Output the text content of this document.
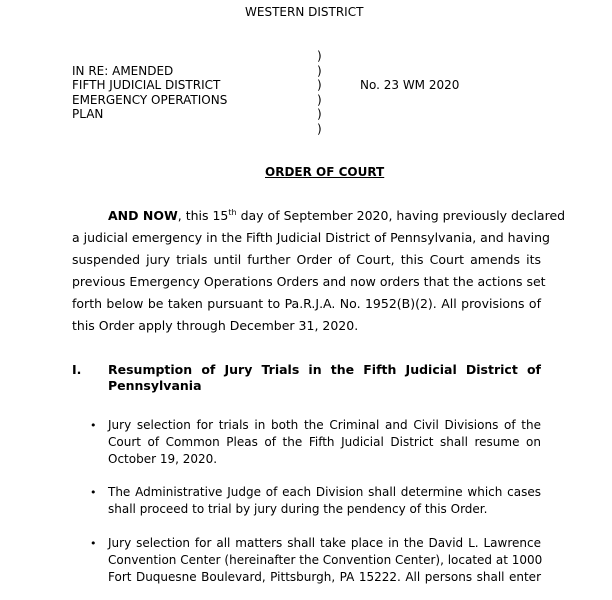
WESTERN DISTRICT
IN RE: AMENDED
FIFTH JUDICIAL DISTRICT
EMERGENCY OPERATIONS
PLAN
)
)
)
)
)
)
No. 23 WM 2020
ORDER OF COURT
AND NOW, this 15th day of September 2020, having previously declared
a judicial emergency in the Fifth Judicial District of Pennsylvania, and having
suspended jury trials until further Order of Court, this Court amends its
previous Emergency Operations Orders and now orders that the actions set
forth below be taken pursuant to Pa.R.J.A. No. 1952(B)(2). All provisions of
this Order apply through December 31, 2020.
I. Resumption of Jury Trials in the Fifth Judicial District of
Pennsylvania
• Jury selection for trials in both the Criminal and Civil Divisions of the
Court of Common Pleas of the Fifth Judicial District shall resume on
October 19, 2020.
• The Administrative Judge of each Division shall determine which cases
shall proceed to trial by jury during the pendency of this Order.
• Jury selection for all matters shall take place in the David L. Lawrence
Convention Center (hereinafter the Convention Center), located at 1000
Fort Duquesne Boulevard, Pittsburgh, PA 15222. All persons shall enter
